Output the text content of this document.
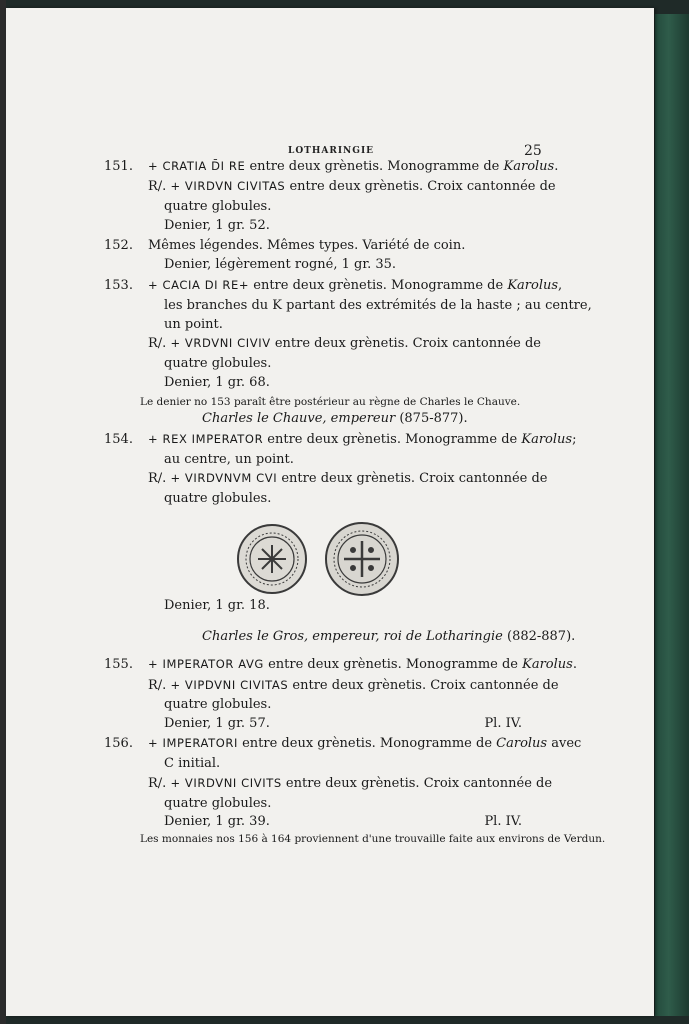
LOTHARINGIE	25
151. + CRATIA D̄I RE entre deux grènetis. Monogramme de Karolus.
R/. + VIRDVN CIVITAS entre deux grènetis. Croix cantonnée de
quatre globules.
Denier, 1 gr. 52.
152. Mêmes légendes. Mêmes types. Variété de coin.
Denier, légèrement rogné, 1 gr. 35.
153. + CACIA DI RE+ entre deux grènetis. Monogramme de Karolus,
les branches du K partant des extrémités de la haste ; au centre,
un point.
R/. + VRDVNI CIVIV entre deux grènetis. Croix cantonnée de
quatre globules.
Denier, 1 gr. 68.
Le denier no 153 paraît être postérieur au règne de Charles le Chauve.
Charles le Chauve, empereur (875-877).
154. + REX IMPERATOR entre deux grènetis. Monogramme de Karolus;
au centre, un point.
R/. + VIRDVNVM CVI entre deux grènetis. Croix cantonnée de
quatre globules.
Denier, 1 gr. 18.
Charles le Gros, empereur, roi de Lotharingie (882-887).
155. + IMPERATOR AVG entre deux grènetis. Monogramme de Karolus.
R/. + VIPDVNI CIVITAS entre deux grènetis. Croix cantonnée de
quatre globules.
Denier, 1 gr. 57.	Pl. IV.
156. + IMPERATORI entre deux grènetis. Monogramme de Carolus avec
C initial.
R/. + VIRDVNI CIVITS entre deux grènetis. Croix cantonnée de
quatre globules.
Denier, 1 gr. 39.	Pl. IV.
Les monnaies nos 156 à 164 proviennent d'une trouvaille faite aux environs de Verdun.
